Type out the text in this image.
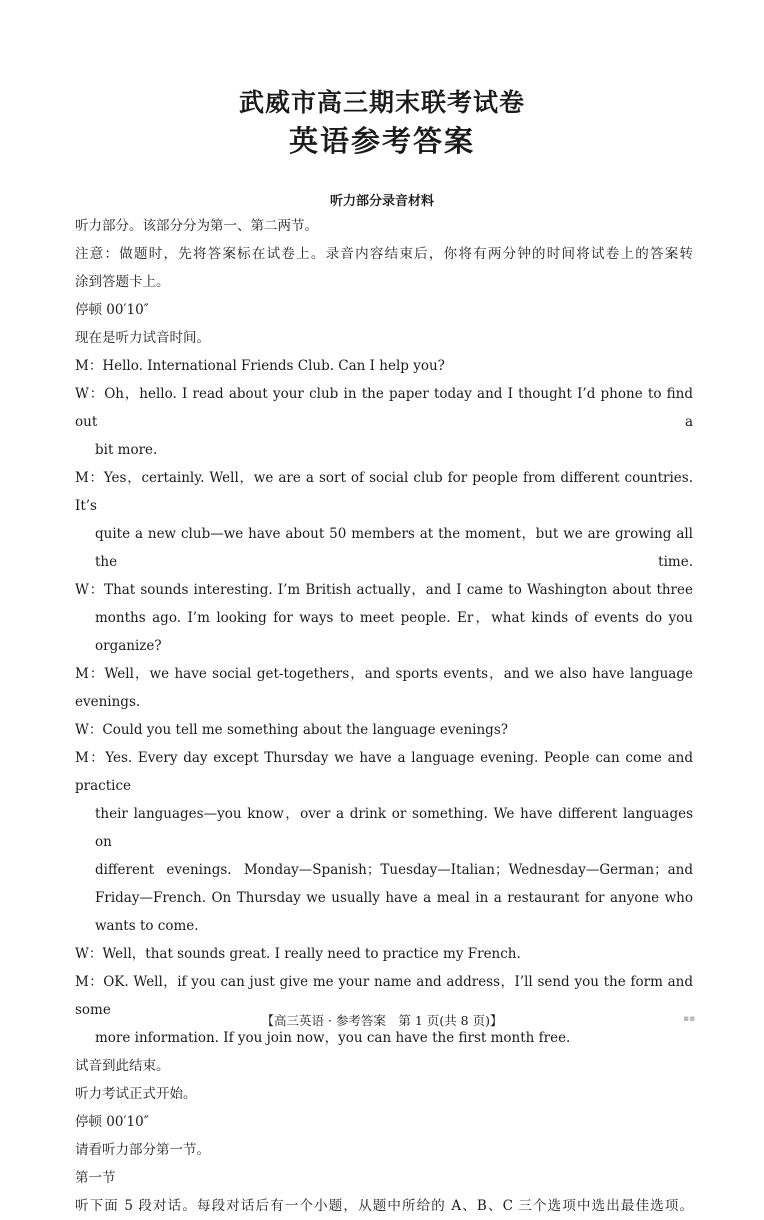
武威市高三期末联考试卷
英语参考答案
听力部分录音材料

听力部分。该部分分为第一、第二两节。

注意：做题时，先将答案标在试卷上。录音内容结束后，你将有两分钟的时间将试卷上的答案转

涂到答题卡上。

停顿 00′10″

现在是听力试音时间。

M：Hello. International Friends Club. Can I help you?

W：Oh，hello. I read about your club in the paper today and I thought I’d phone to find out a

bit more.

M：Yes，certainly. Well，we are a sort of social club for people from different countries. It’s

quite a new club—we have about 50 members at the moment，but we are growing all the time.

W：That sounds interesting. I’m British actually，and I came to Washington about three

months ago. I’m looking for ways to meet people. Er，what kinds of events do you organize?

M：Well，we have social get-togethers，and sports events，and we also have language evenings.

W：Could you tell me something about the language evenings?

M：Yes. Every day except Thursday we have a language evening. People can come and practice

their languages—you know，over a drink or something. We have different languages on

different evenings. Monday—Spanish；Tuesday—Italian；Wednesday—German；and

Friday—French. On Thursday we usually have a meal in a restaurant for anyone who

wants to come.

W：Well，that sounds great. I really need to practice my French.

M：OK. Well，if you can just give me your name and address，I’ll send you the form and some

more information. If you join now，you can have the first month free.

试音到此结束。

听力考试正式开始。

停顿 00′10″

请看听力部分第一节。

第一节

听下面 5 段对话。每段对话后有一个小题，从题中所给的 A、B、C 三个选项中选出最佳选项。

【高三英语 · 参考答案　第 1 页(共 8 页)】	▪▪
